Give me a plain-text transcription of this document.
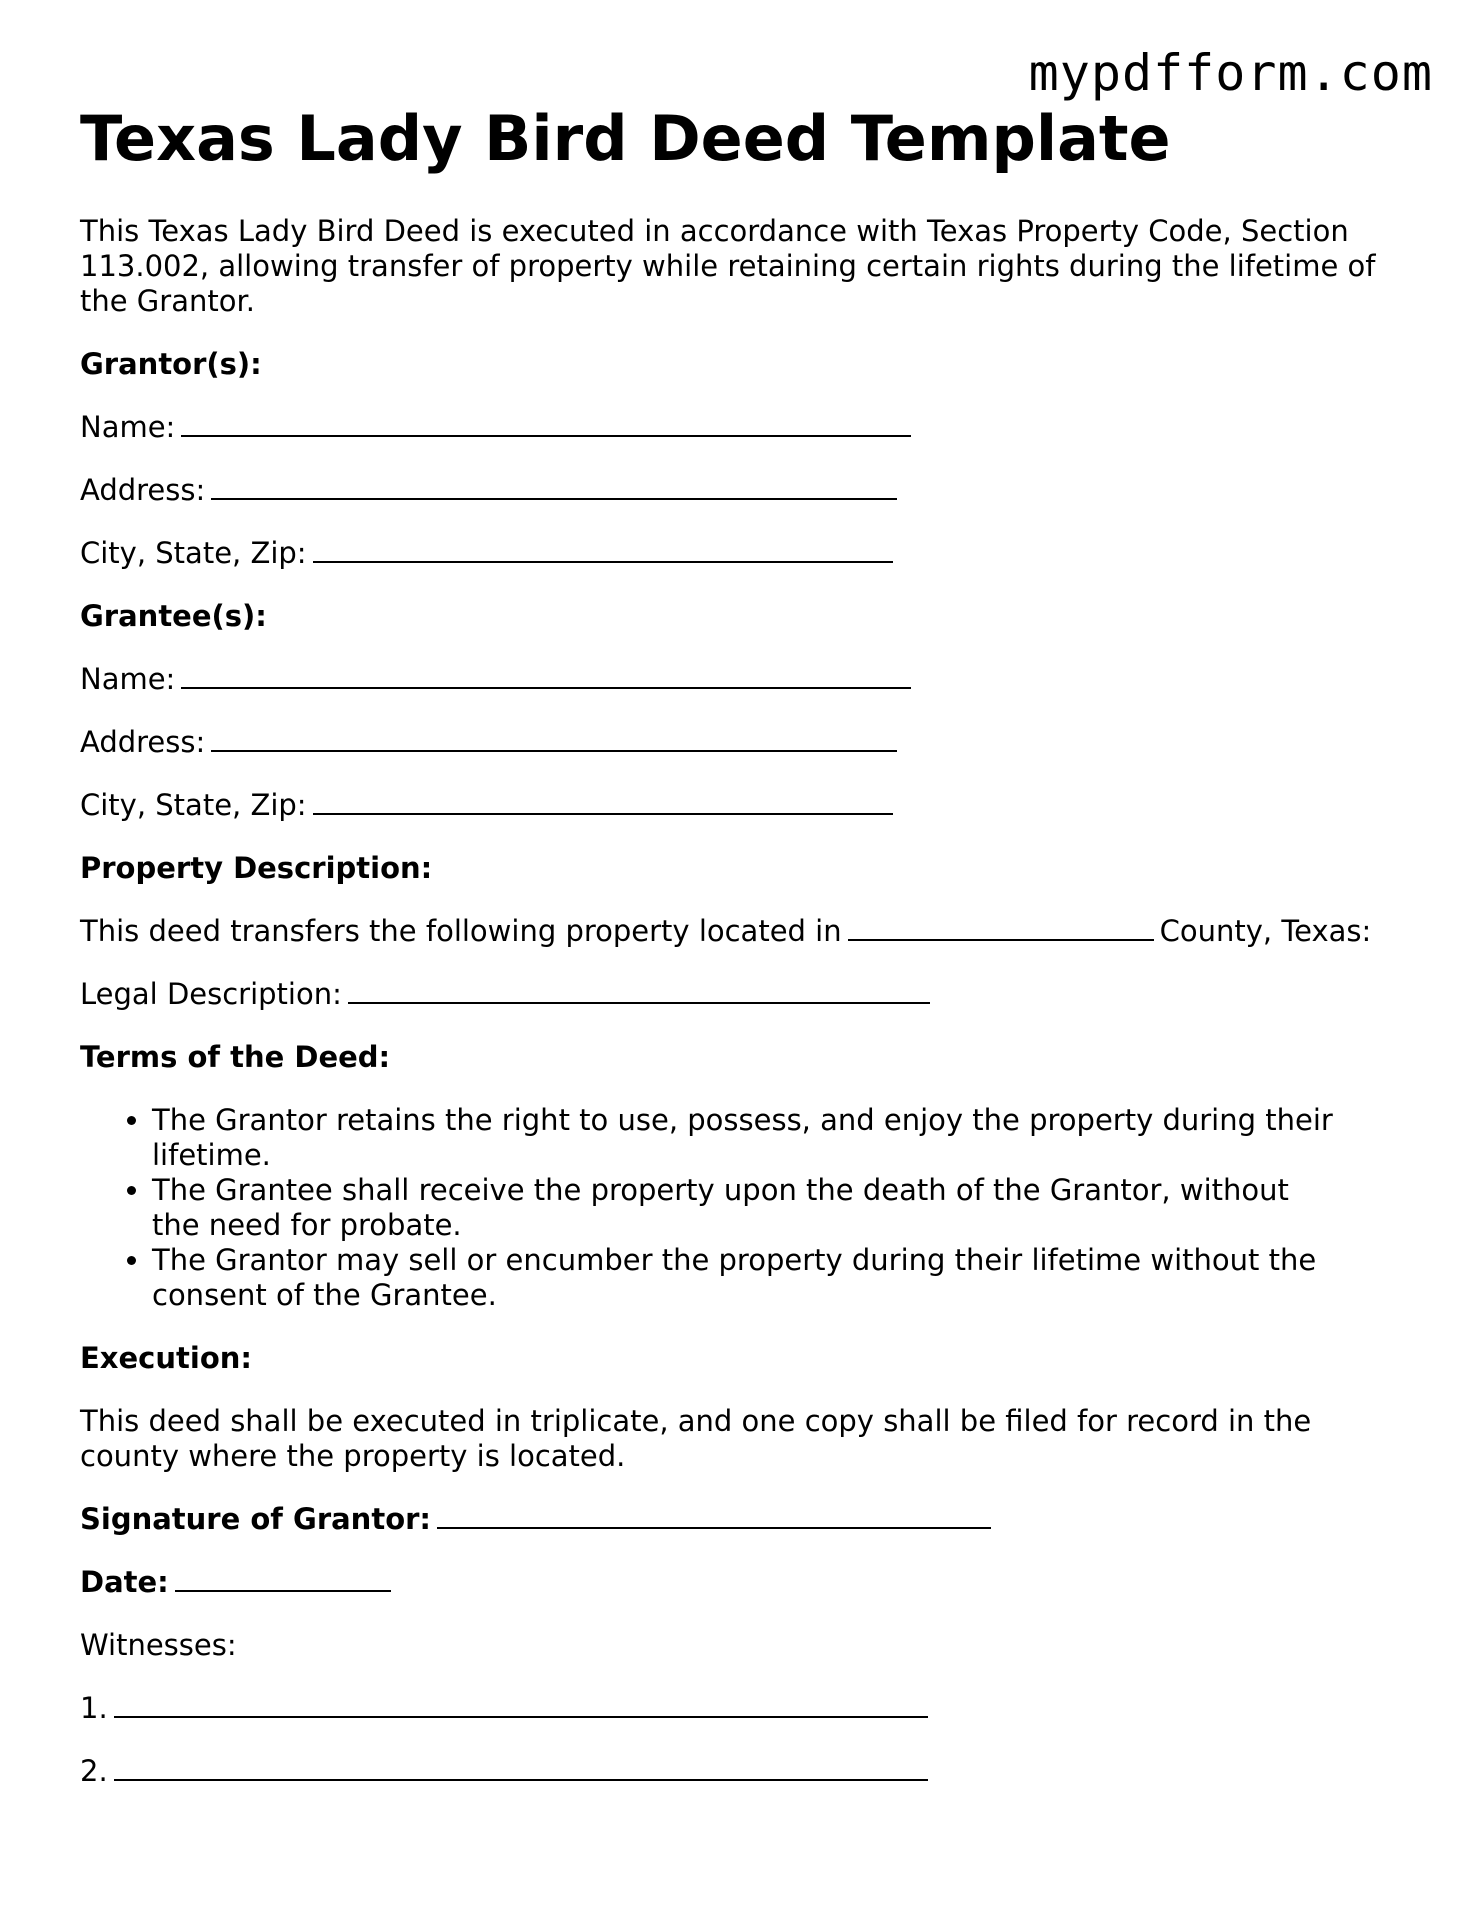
mypdfform.com
Texas Lady Bird Deed Template

This Texas Lady Bird Deed is executed in accordance with Texas Property Code, Section 113.002, allowing transfer of property while retaining certain rights during the lifetime of the Grantor.

Grantor(s):

Name:
Address:
City, State, Zip:

Grantee(s):

Name:
Address:
City, State, Zip:

Property Description:

This deed transfers the following property located in	County, Texas:
Legal Description:

Terms of the Deed:

• The Grantor retains the right to use, possess, and enjoy the property during their lifetime.
• The Grantee shall receive the property upon the death of the Grantor, without the need for probate.
• The Grantor may sell or encumber the property during their lifetime without the consent of the Grantee.

Execution:

This deed shall be executed in triplicate, and one copy shall be filed for record in the county where the property is located.

Signature of Grantor:
Date:
Witnesses:
1.
2.
